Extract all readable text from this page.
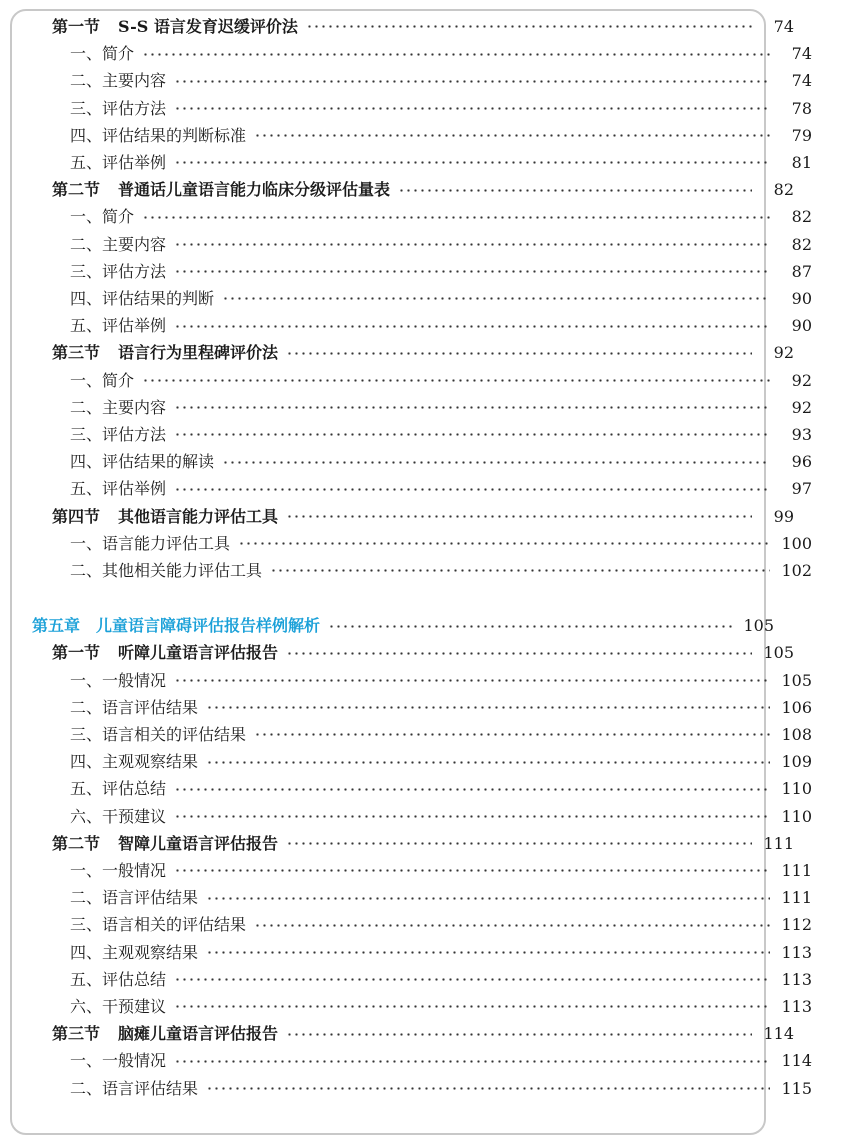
第一节 S-S 语言发育迟缓评价法	74
一、简介	74
二、主要内容	74
三、评估方法	78
四、评估结果的判断标准	79
五、评估举例	81
第二节 普通话儿童语言能力临床分级评估量表	82
一、简介	82
二、主要内容	82
三、评估方法	87
四、评估结果的判断	90
五、评估举例	90
第三节 语言行为里程碑评价法	92
一、简介	92
二、主要内容	92
三、评估方法	93
四、评估结果的解读	96
五、评估举例	97
第四节 其他语言能力评估工具	99
一、语言能力评估工具	100
二、其他相关能力评估工具	102
第五章 儿童语言障碍评估报告样例解析	105
第一节 听障儿童语言评估报告	105
一、一般情况	105
二、语言评估结果	106
三、语言相关的评估结果	108
四、主观观察结果	109
五、评估总结	110
六、干预建议	110
第二节 智障儿童语言评估报告	111
一、一般情况	111
二、语言评估结果	111
三、语言相关的评估结果	112
四、主观观察结果	113
五、评估总结	113
六、干预建议	113
第三节 脑瘫儿童语言评估报告	114
一、一般情况	114
二、语言评估结果	115
